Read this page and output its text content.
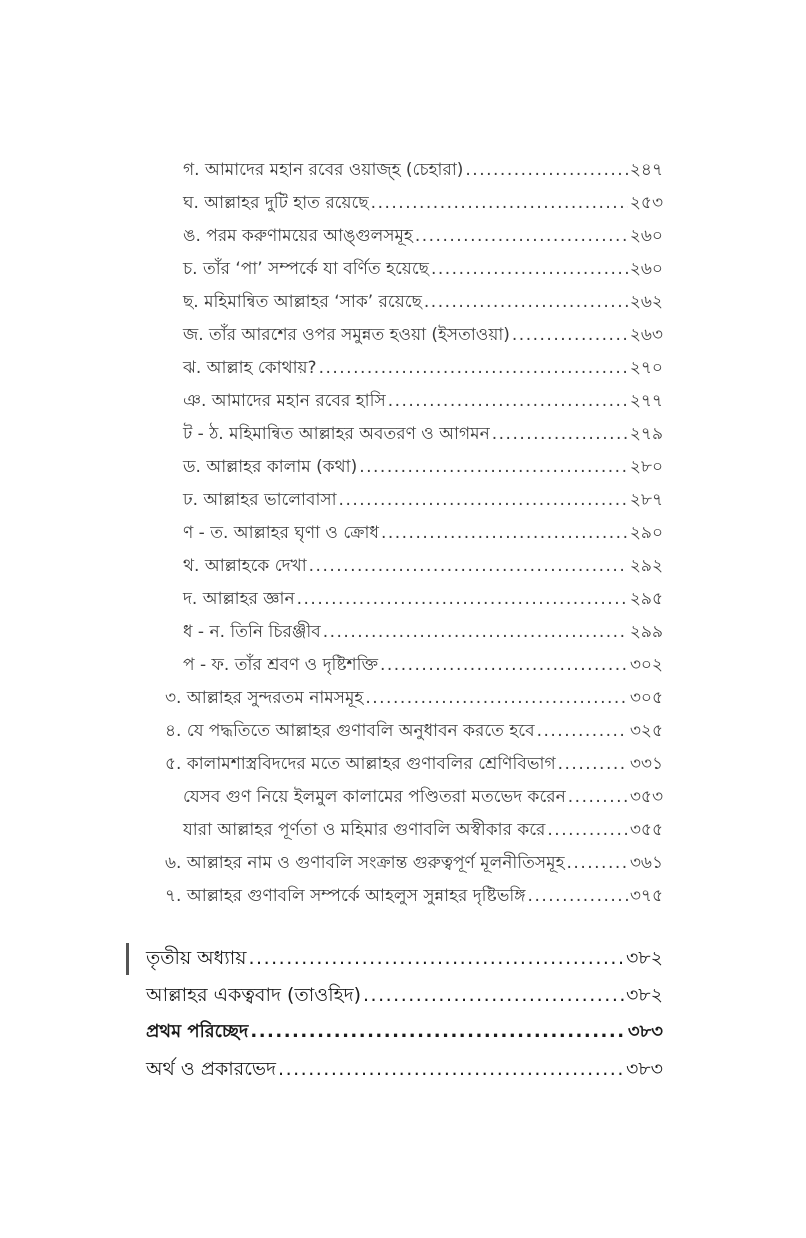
গ. আমাদের মহান রবের ওয়াজ্‌হ (চেহারা) .....	২৪৭
ঘ. আল্লাহর দুটি হাত রয়েছে .....	২৫৩
ঙ. পরম করুণাময়ের আঙ্গুলসমূহ .....	২৬০
চ. তাঁর ‘পা’ সম্পর্কে যা বর্ণিত হয়েছে .....	২৬০
ছ. মহিমান্বিত আল্লাহর ‘সাক’ রয়েছে .....	২৬২
জ. তাঁর আরশের ওপর সমুন্নত হওয়া (ইসতাওয়া) .....	২৬৩
ঝ. আল্লাহ কোথায়? .....	২৭০
ঞ. আমাদের মহান রবের হাসি .....	২৭৭
ট - ঠ. মহিমান্বিত আল্লাহর অবতরণ ও আগমন .....	২৭৯
ড. আল্লাহর কালাম (কথা) .....	২৮০
ঢ. আল্লাহর ভালোবাসা .....	২৮৭
ণ - ত. আল্লাহর ঘৃণা ও ক্রোধ .....	২৯০
থ. আল্লাহকে দেখা .....	২৯২
দ. আল্লাহর জ্ঞান .....	২৯৫
ধ - ন. তিনি চিরঞ্জীব .....	২৯৯
প - ফ. তাঁর শ্রবণ ও দৃষ্টিশক্তি .....	৩০২
৩. আল্লাহর সুন্দরতম নামসমূহ .....	৩০৫
৪. যে পদ্ধতিতে আল্লাহর গুণাবলি অনুধাবন করতে হবে .....	৩২৫
৫. কালামশাস্ত্রবিদদের মতে আল্লাহর গুণাবলির শ্রেণিবিভাগ .....	৩৩১
যেসব গুণ নিয়ে ইলমুল কালামের পণ্ডিতরা মতভেদ করেন .....	৩৫৩
যারা আল্লাহর পূর্ণতা ও মহিমার গুণাবলি অস্বীকার করে .....	৩৫৫
৬. আল্লাহর নাম ও গুণাবলি সংক্রান্ত গুরুত্বপূর্ণ মূলনীতিসমূহ .....	৩৬১
৭. আল্লাহর গুণাবলি সম্পর্কে আহলুস সুন্নাহর দৃষ্টিভঙ্গি .....	৩৭৫
তৃতীয় অধ্যায় .....	৩৮২
আল্লাহর একত্ববাদ (তাওহিদ) .....	৩৮২
প্রথম পরিচ্ছেদ .....	৩৮৩
অর্থ ও প্রকারভেদ .....	৩৮৩
